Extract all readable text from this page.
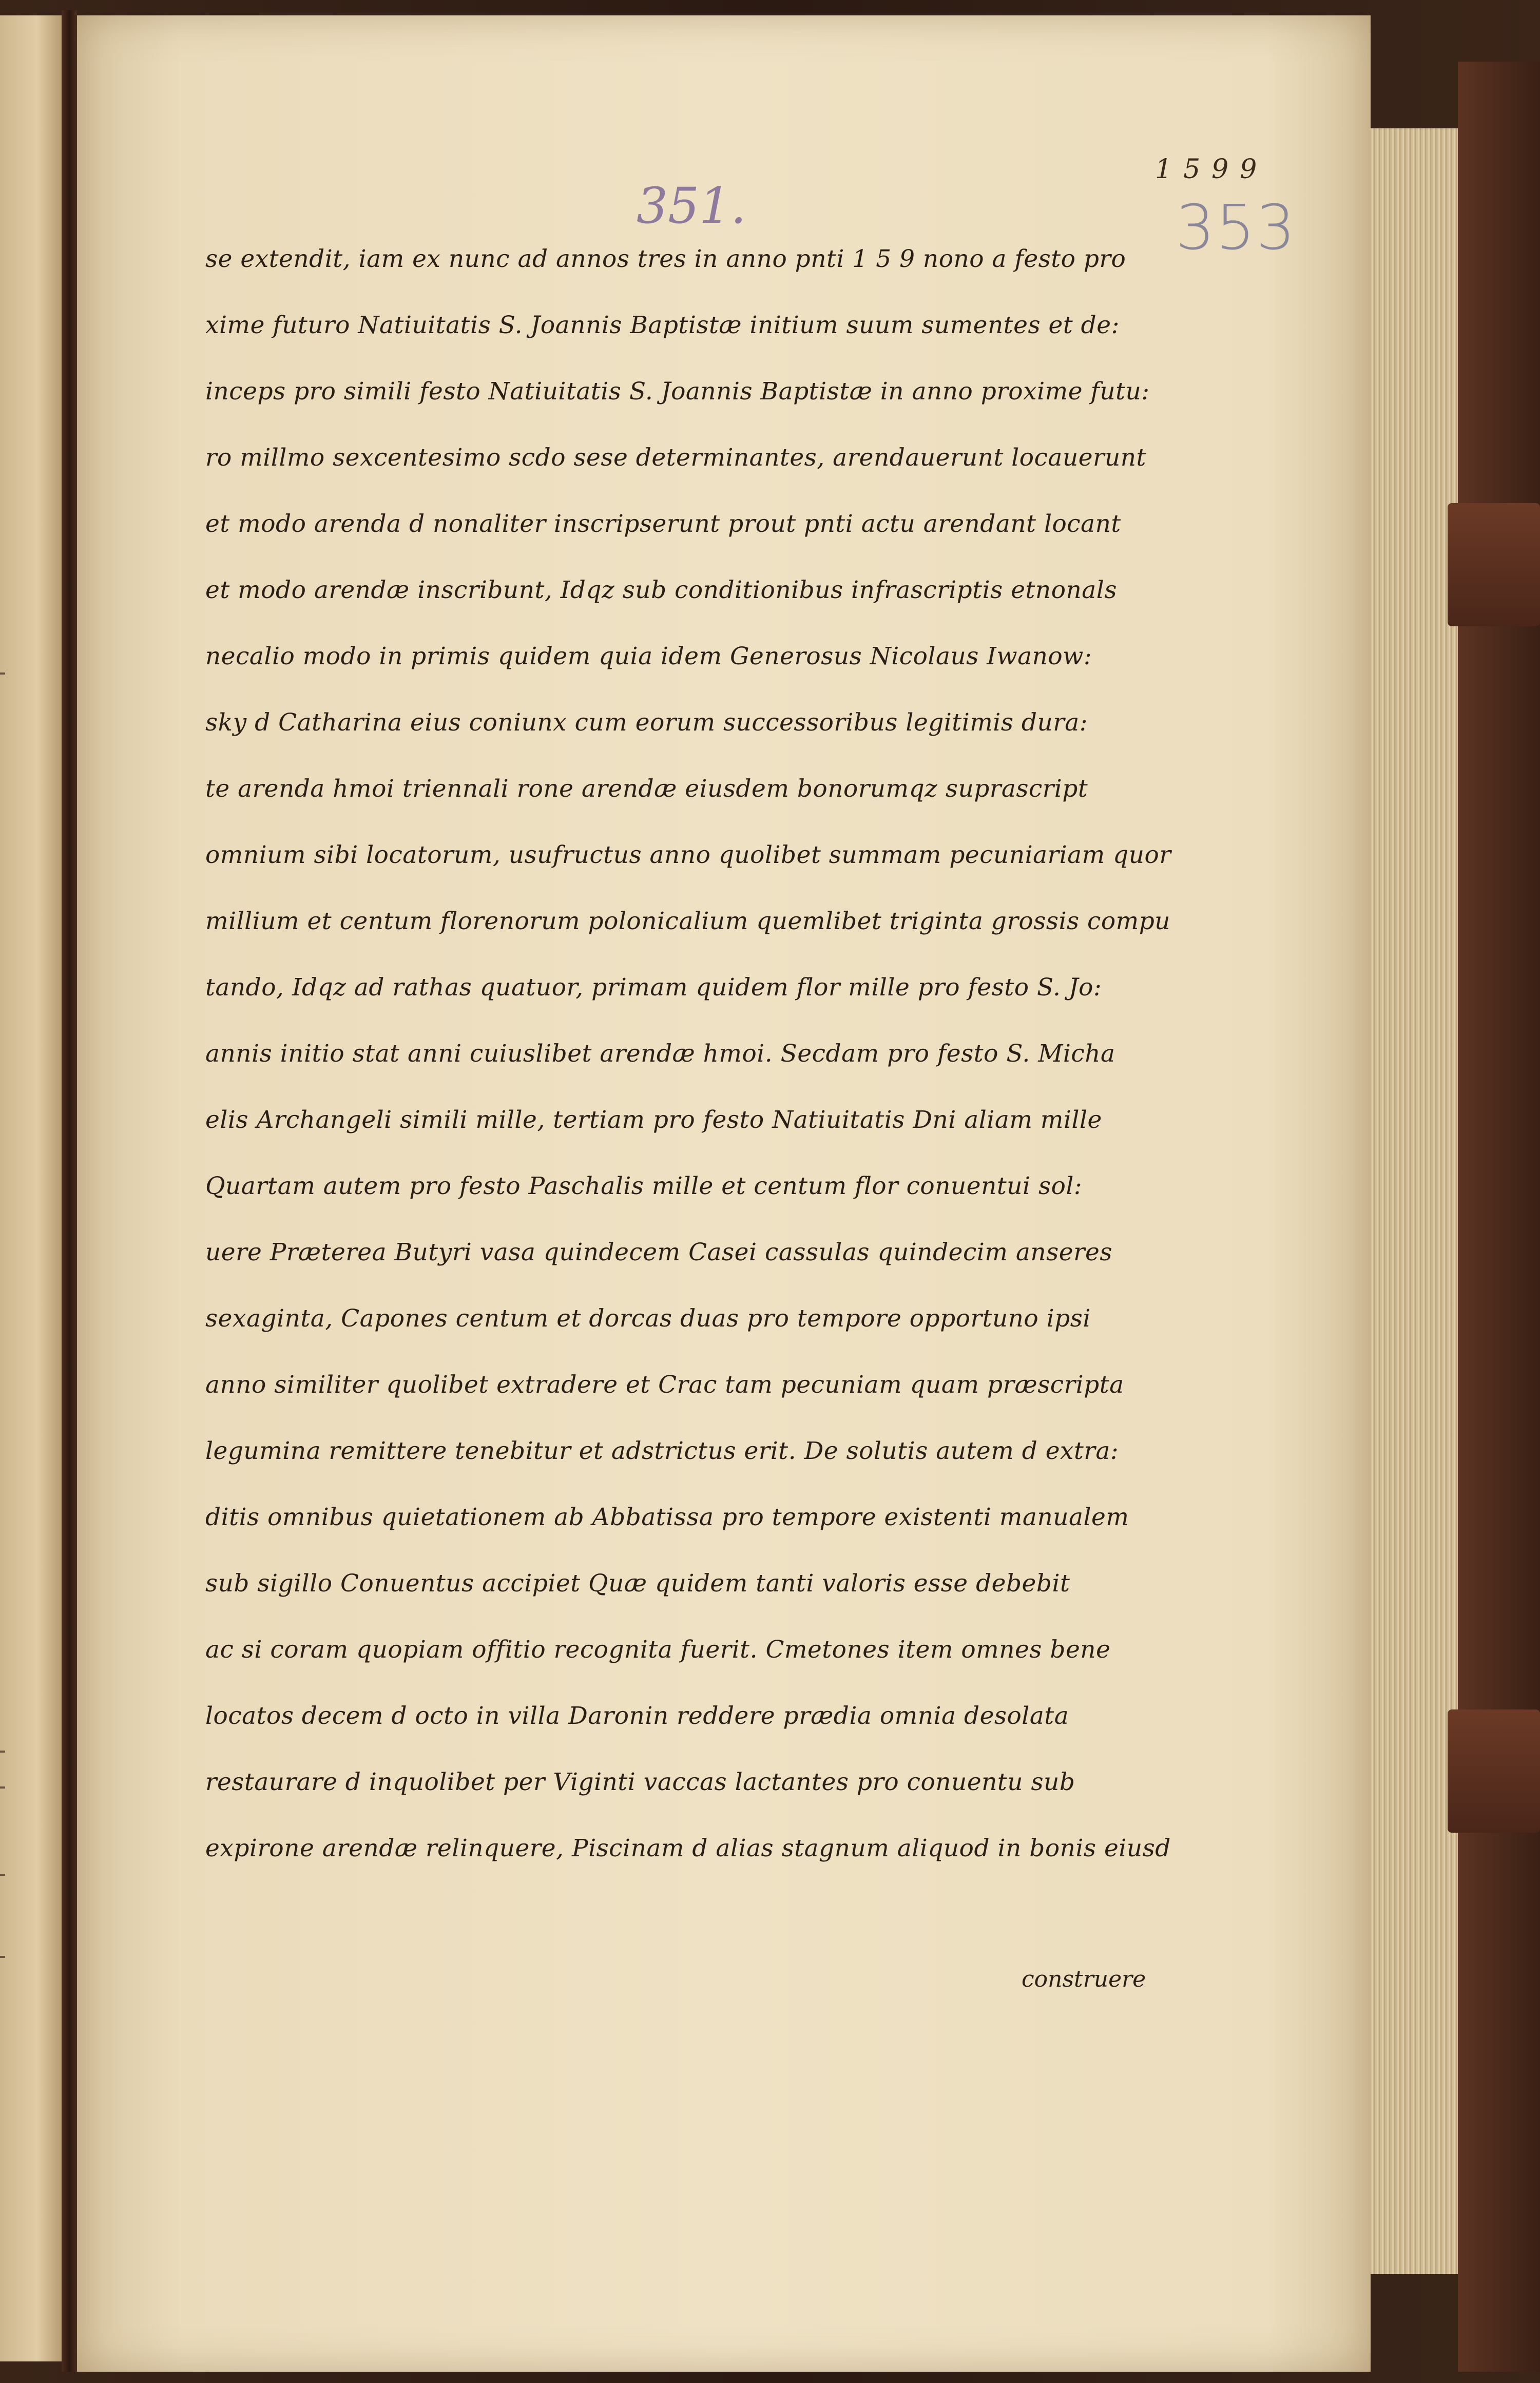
1599
351.	353
se extendit, iam ex nunc ad annos tres in anno pnti 1 5 9 nono a festo pro
xime futuro Natiuitatis S. Joannis Baptistæ initium suum sumentes et de:
inceps pro simili festo Natiuitatis S. Joannis Baptistæ in anno proxime futu:
ro millmo sexcentesimo scdo sese determinantes, arendauerunt locauerunt
et modo arenda d nonaliter inscripserunt prout pnti actu arendant locant
et modo arendæ inscribunt, Idqz sub conditionibus infrascriptis etnonals
necalio modo in primis quidem quia idem Generosus Nicolaus Iwanow:
sky d Catharina eius coniunx cum eorum successoribus legitimis dura:
te arenda hmoi triennali rone arendæ eiusdem bonorumqz suprascript
omnium sibi locatorum, usufructus anno quolibet summam pecuniariam quor
millium et centum florenorum polonicalium quemlibet triginta grossis compu
tando, Idqz ad rathas quatuor, primam quidem flor mille pro festo S. Jo:
annis initio stat anni cuiuslibet arendæ hmoi. Secdam pro festo S. Micha
elis Archangeli simili mille, tertiam pro festo Natiuitatis Dni aliam mille
Quartam autem pro festo Paschalis mille et centum flor conuentui sol:
uere Præterea Butyri vasa quindecem Casei cassulas quindecim anseres
sexaginta, Capones centum et dorcas duas pro tempore opportuno ipsi
anno similiter quolibet extradere et Crac tam pecuniam quam præscripta
legumina remittere tenebitur et adstrictus erit. De solutis autem d extra:
ditis omnibus quietationem ab Abbatissa pro tempore existenti manualem
sub sigillo Conuentus accipiet Quæ quidem tanti valoris esse debebit
ac si coram quopiam offitio recognita fuerit. Cmetones item omnes bene
locatos decem d octo in villa Daronin reddere prædia omnia desolata
restaurare d inquolibet per Viginti vaccas lactantes pro conuentu sub
expirone arendæ relinquere, Piscinam d alias stagnum aliquod in bonis eiusd
construere
